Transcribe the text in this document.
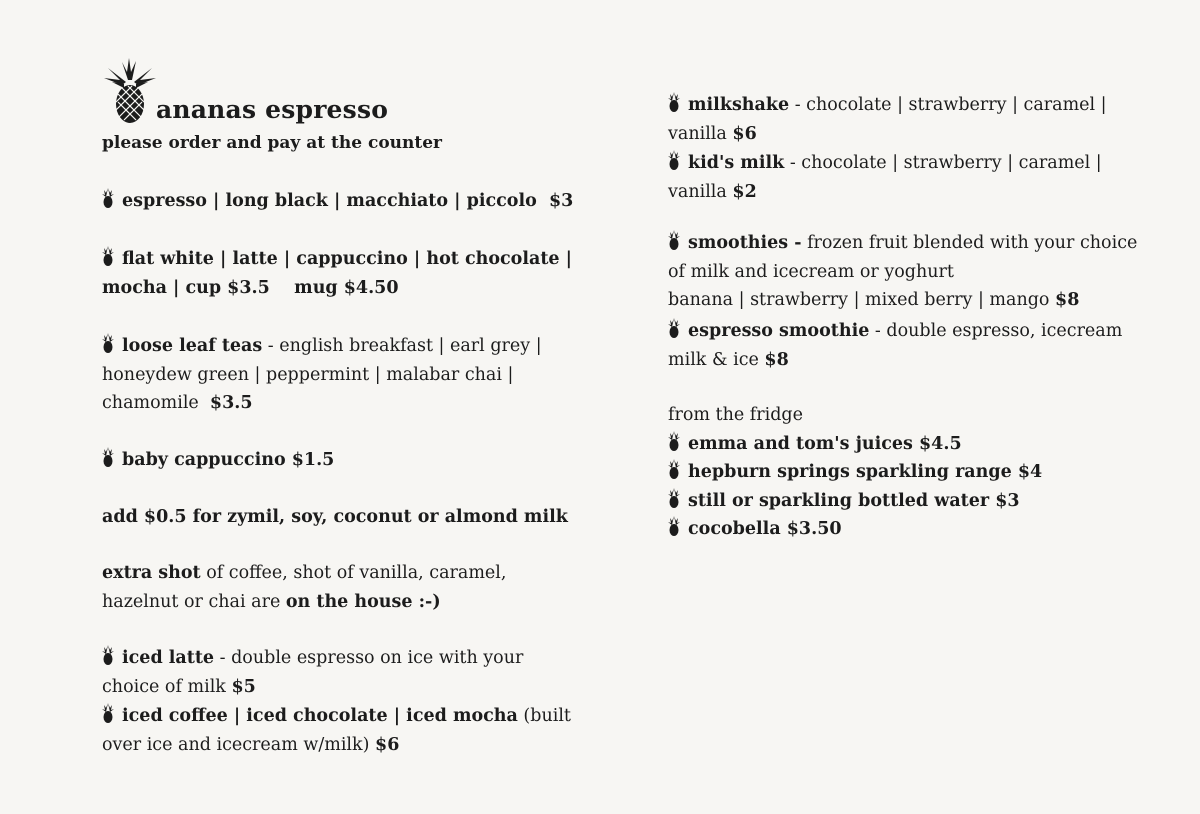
ananas espresso
please order and pay at the counter
espresso | long black | macchiato | piccolo $3
flat white | latte | cappuccino | hot chocolate |
mocha | cup $3.5 mug $4.50
loose leaf teas - english breakfast | earl grey |
honeydew green | peppermint | malabar chai |
chamomile $3.5
baby cappuccino $1.5
add $0.5 for zymil, soy, coconut or almond milk
extra shot of coffee, shot of vanilla, caramel,
hazelnut or chai are on the house :-)
iced latte - double espresso on ice with your
choice of milk $5
iced coffee | iced chocolate | iced mocha (built
over ice and icecream w/milk) $6
milkshake - chocolate | strawberry | caramel |
vanilla $6
kid's milk - chocolate | strawberry | caramel |
vanilla $2
smoothies - frozen fruit blended with your choice
of milk and icecream or yoghurt
banana | strawberry | mixed berry | mango $8
espresso smoothie - double espresso, icecream
milk & ice $8
from the fridge
emma and tom's juices $4.5
hepburn springs sparkling range $4
still or sparkling bottled water $3
cocobella $3.50
